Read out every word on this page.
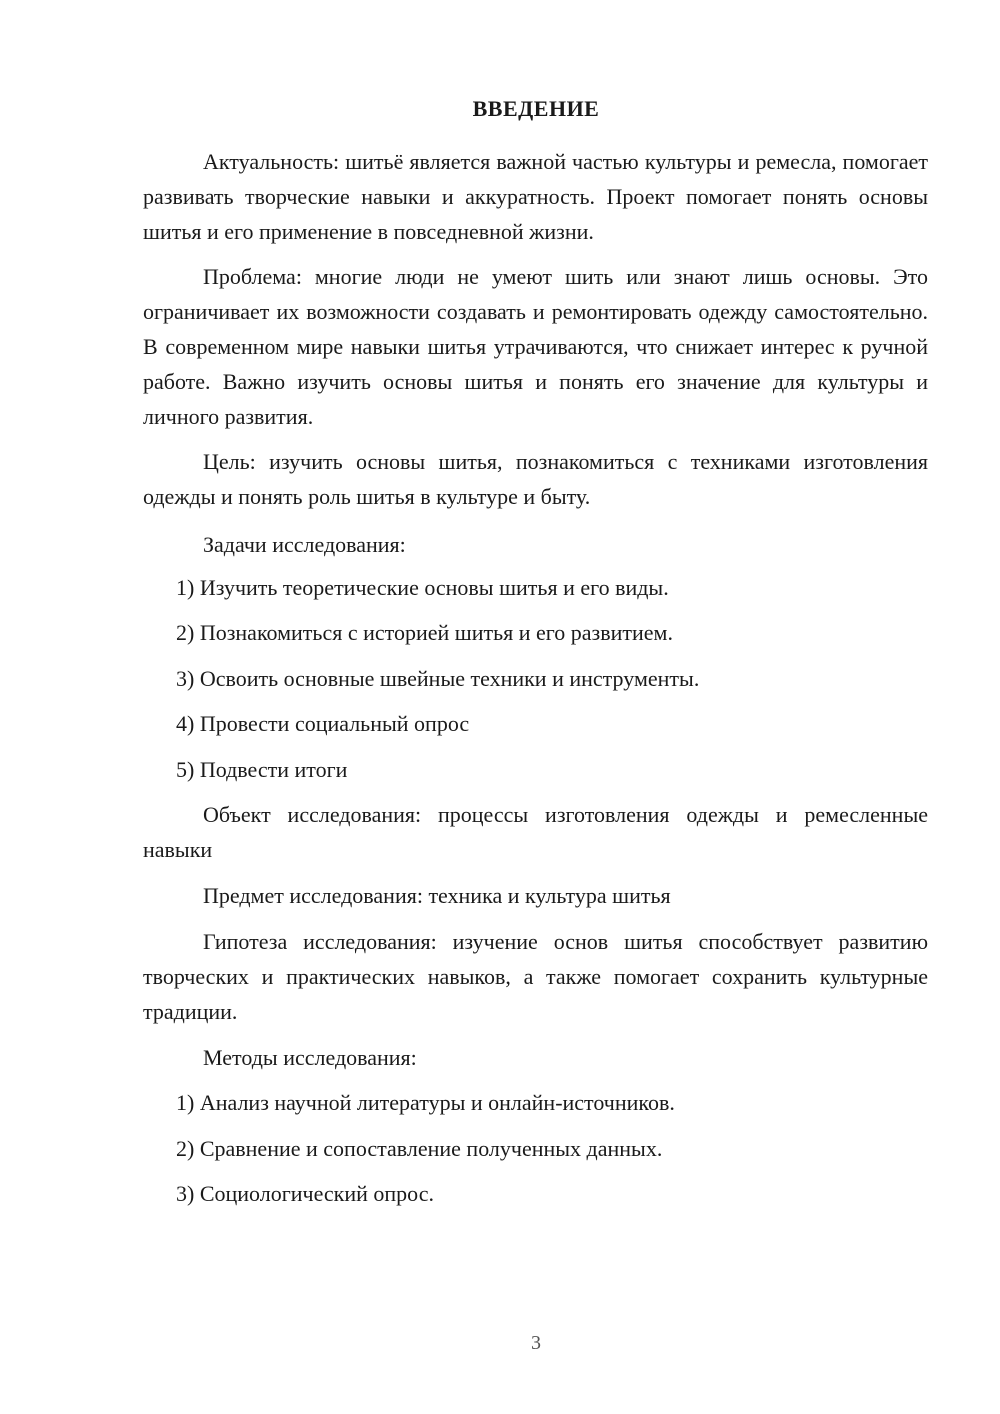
ВВЕДЕНИЕ

Актуальность: шитьё является важной частью культуры и ремесла, помогает развивать творческие навыки и аккуратность. Проект помогает понять основы шитья и его применение в повседневной жизни.

Проблема: многие люди не умеют шить или знают лишь основы. Это ограничивает их возможности создавать и ремонтировать одежду самостоятельно. В современном мире навыки шитья утрачиваются, что снижает интерес к ручной работе. Важно изучить основы шитья и понять его значение для культуры и личного развития.

Цель: изучить основы шитья, познакомиться с техниками изготовления одежды и понять роль шитья в культуре и быту.

Задачи исследования:

1) Изучить теоретические основы шитья и его виды.

2) Познакомиться с историей шитья и его развитием.

3) Освоить основные швейные техники и инструменты.

4) Провести социальный опрос

5) Подвести итоги

Объект исследования: процессы изготовления одежды и ремесленные навыки

Предмет исследования: техника и культура шитья

Гипотеза исследования: изучение основ шитья способствует развитию творческих и практических навыков, а также помогает сохранить культурные традиции.

Методы исследования:

1) Анализ научной литературы и онлайн-источников.

2) Сравнение и сопоставление полученных данных.

3) Социологический опрос.

3
